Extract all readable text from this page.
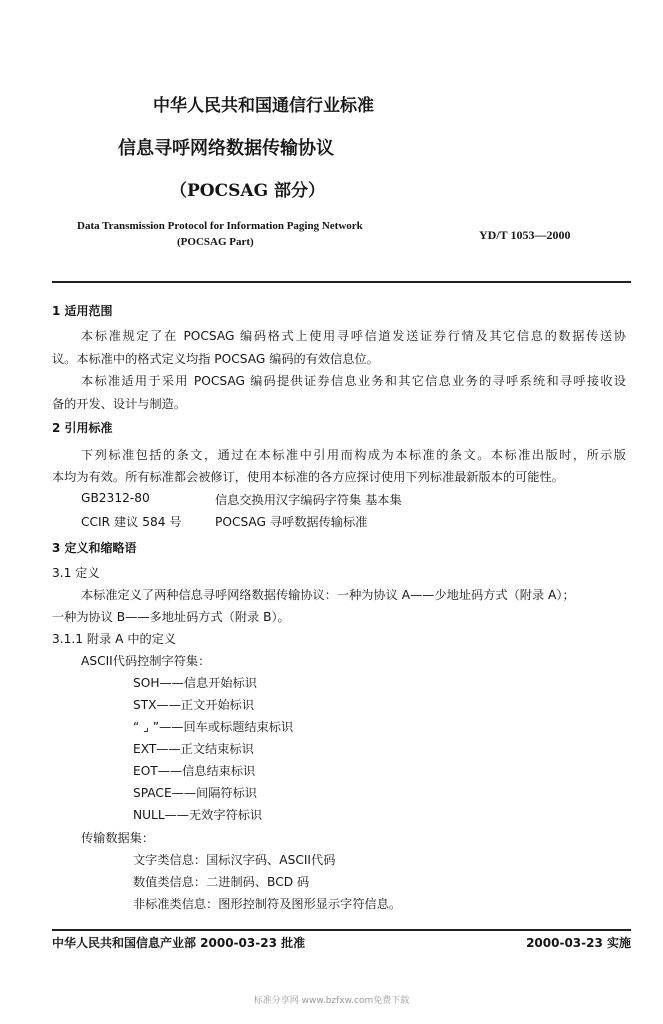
中华人民共和国通信行业标准
信息寻呼网络数据传输协议
（POCSAG 部分）
Data Transmission Protocol for Information Paging Network
(POCSAG Part)	YD/T 1053—2000
1 适用范围
本标准规定了在 POCSAG 编码格式上使用寻呼信道发送证券行情及其它信息的数据传送协
议。本标准中的格式定义均指 POCSAG 编码的有效信息位。
本标准适用于采用 POCSAG 编码提供证券信息业务和其它信息业务的寻呼系统和寻呼接收设
备的开发、设计与制造。
2 引用标准
下列标准包括的条文，通过在本标准中引用而构成为本标准的条文。本标准出版时，所示版
本均为有效。所有标准都会被修订，使用本标准的各方应探讨使用下列标准最新版本的可能性。
GB2312-80	信息交换用汉字编码字符集 基本集
CCIR 建议 584 号	POCSAG 寻呼数据传输标准
3 定义和缩略语
3.1 定义
本标准定义了两种信息寻呼网络数据传输协议：一种为协议 A——少地址码方式（附录 A）；
一种为协议 B——多地址码方式（附录 B）。
3.1.1 附录 A 中的定义
ASCII代码控制字符集：
SOH——信息开始标识
STX——正文开始标识
“ ⌟ ”——回车或标题结束标识
EXT——正文结束标识
EOT——信息结束标识
SPACE——间隔符标识
NULL——无效字符标识
传输数据集：
文字类信息：国标汉字码、ASCII代码
数值类信息：二进制码、BCD 码
非标准类信息：图形控制符及图形显示字符信息。
中华人民共和国信息产业部 2000-03-23 批准	2000-03-23 实施
标准分享网 www.bzfxw.com免费下载
